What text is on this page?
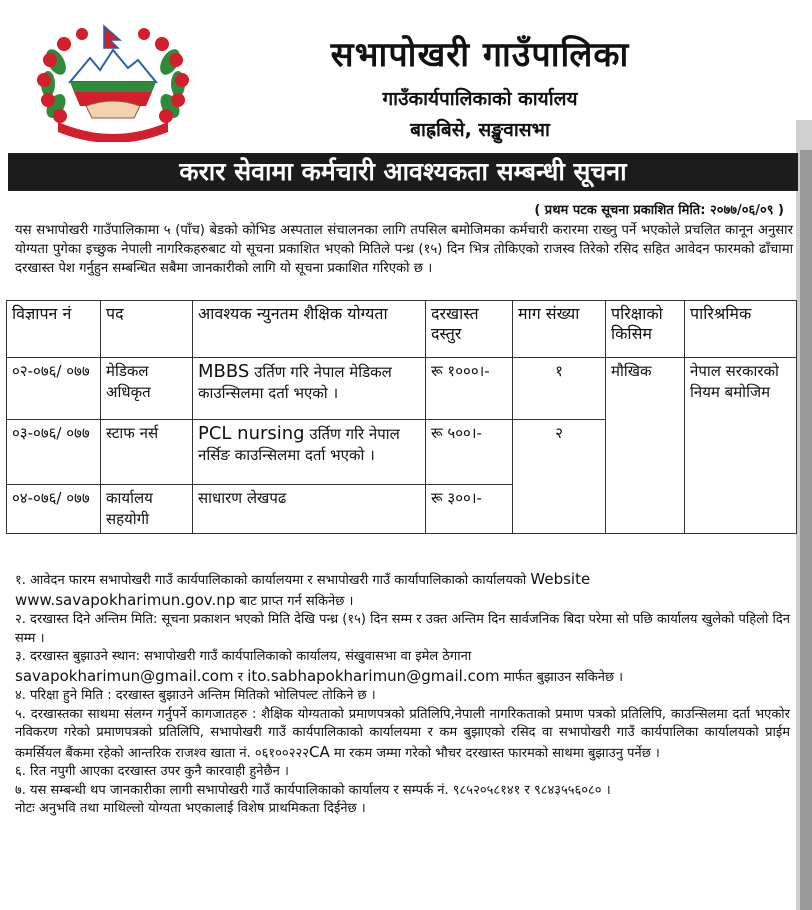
सभापोखरी गाउँपालिका
गाउँकार्यपालिकाको कार्यालय
बाह्रबिसे, सङ्खुवासभा
करार सेवामा कर्मचारी आवश्यकता सम्बन्धी सूचना
( प्रथम पटक सूचना प्रकाशित मिति: २०७७/०६/०९ )
यस सभापोखरी गाउँपालिकामा ५ (पाँच) बेडको कोभिड अस्पताल संचालनका लागि तपसिल बमोजिमका कर्मचारी करारमा राख्नु पर्ने भएकोले प्रचलित कानून अनुसार योग्यता पुगेका इच्छुक नेपाली नागरिकहरुबाट यो सूचना प्रकाशित भएको मितिले पन्ध्र (१५) दिन भित्र तोकिएको राजस्व तिरेको रसिद सहित आवेदन फारमको ढाँचामा दरखास्त पेश गर्नुहुन सम्बन्धित सबैमा जानकारीको लागि यो सूचना प्रकाशित गरिएको छ ।
विज्ञापन नं	पद	आवश्यक न्युनतम शैक्षिक योग्यता	दरखास्त दस्तुर	माग संख्या	परिक्षाको किसिम	पारिश्रमिक
०२-०७६/ ०७७	मेडिकल अधिकृत	MBBS उर्तिण गरि नेपाल मेडिकल काउन्सिलमा दर्ता भएको ।	रू १०००।-	१	मौखिक	नेपाल सरकारको नियम बमोजिम
०३-०७६/ ०७७	स्टाफ नर्स	PCL nursing उर्तिण गरि नेपाल नर्सिङ काउन्सिलमा दर्ता भएको ।	रू ५००।-	२		
०४-०७६/ ०७७	कार्यालय सहयोगी	साधारण लेखपढ	रू ३००।-			

१. आवेदन फारम सभापोखरी गाउँ कार्यपालिकाको कार्यालयमा र सभापोखरी गाउँ कार्यापालिकाको कार्यालयको Website
www.savapokharimun.gov.np बाट प्राप्त गर्न सकिनेछ ।

२. दरखास्त दिने अन्तिम मिति: सूचना प्रकाशन भएको मिति देखि पन्ध्र (१५) दिन सम्म र उक्त अन्तिम दिन सार्वजनिक बिदा परेमा सो पछि कार्यालय खुलेको पहिलो दिन सम्म ।

३. दरखास्त बुझाउने स्थान: सभापोखरी गाउँ कार्यपालिकाको कार्यालय, संखुवासभा वा इमेल ठेगाना
savapokharimun@gmail.com र ito.sabhapokharimun@gmail.com मार्फत बुझाउन सकिनेछ ।

४. परिक्षा हुने मिति : दरखास्त बुझाउने अन्तिम मितिको भोलिपल्ट तोकिने छ ।

५. दरखास्तका साथमा संलग्न गर्नुपर्ने कागजातहरु : शैक्षिक योग्यताको प्रमाणपत्रको प्रतिलिपि,नेपाली नागरिकताको प्रमाण पत्रको प्रतिलिपि, काउन्सिलमा दर्ता भएकोर नविकरण गरेको प्रमाणपत्रको प्रतिलिपि, सभापोखरी गाउँ कार्यपालिकाको कार्यालयमा र कम बुझाएको रसिद वा सभापोखरी गाउँ कार्यपालिका कार्यालयको प्राईम कमर्सियल बैंकमा रहेको आन्तरिक राजश्व खाता नं. ०६१००२२२CA मा रकम जम्मा गरेको भौचर दरखास्त फारमको साथमा बुझाउनु पर्नेछ ।

६. रित नपुगी आएका दरखास्त उपर कुनै कारवाही हुनेछैन ।

७. यस सम्बन्धी थप जानकारीका लागी सभापोखरी गाउँ कार्यपालिकाको कार्यालय र सम्पर्क नं. ९८५२०५८१४१ र ९८४३५५६०८० ।

नोटः अनुभवि तथा माथिल्लो योग्यता भएकालाई विशेष प्राथमिकता दिईनेछ ।
